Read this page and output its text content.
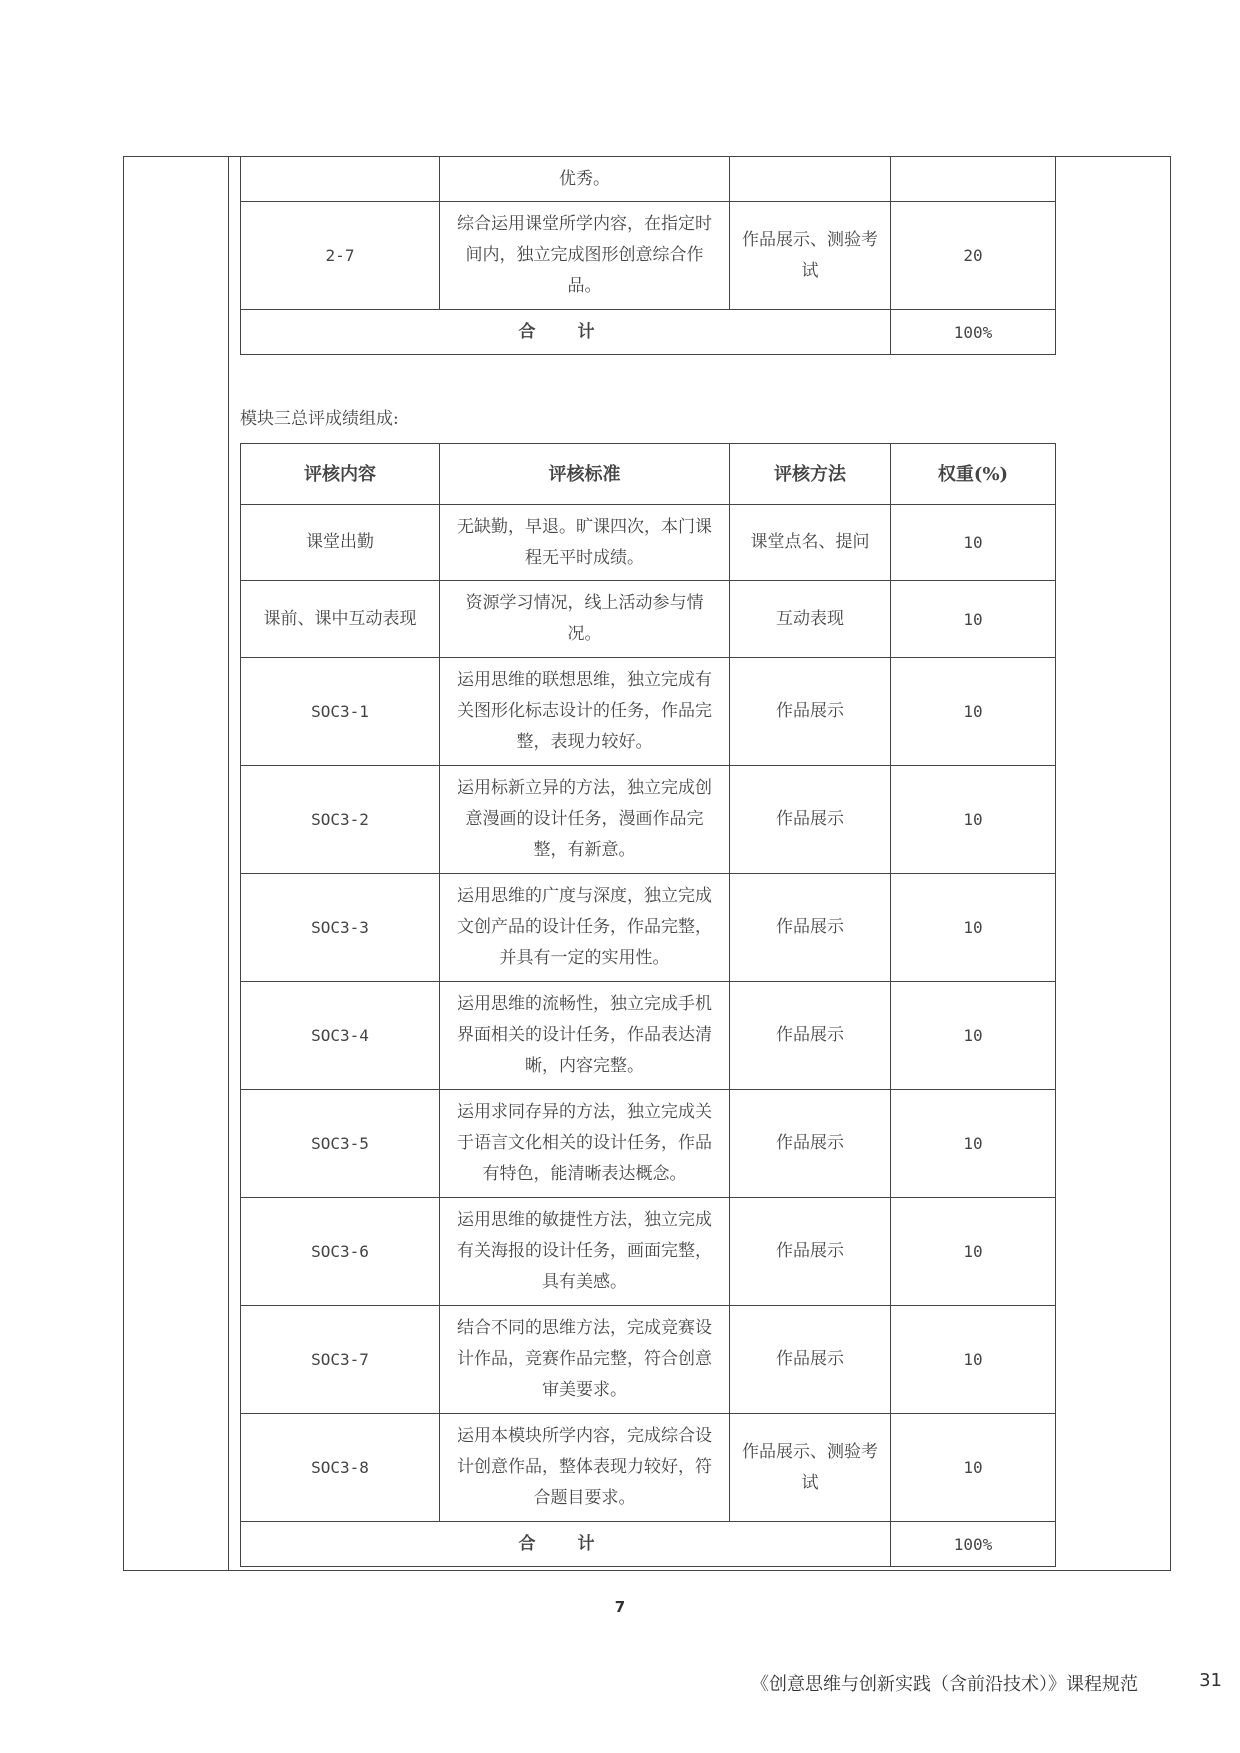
	优秀。		
2-7	综合运用课堂所学内容，在指定时间内，独立完成图形创意综合作品。	作品展示、测验考试	20
合 计			100%
模块三总评成绩组成:
评核内容	评核标准	评核方法	权重(%)
课堂出勤	无缺勤，早退。旷课四次，本门课程无平时成绩。	课堂点名、提问	10
课前、课中互动表现	资源学习情况，线上活动参与情况。	互动表现	10
SOC3-1	运用思维的联想思维，独立完成有关图形化标志设计的任务，作品完整，表现力较好。	作品展示	10
SOC3-2	运用标新立异的方法，独立完成创意漫画的设计任务，漫画作品完整，有新意。	作品展示	10
SOC3-3	运用思维的广度与深度，独立完成文创产品的设计任务，作品完整，并具有一定的实用性。	作品展示	10
SOC3-4	运用思维的流畅性，独立完成手机界面相关的设计任务，作品表达清晰，内容完整。	作品展示	10
SOC3-5	运用求同存异的方法，独立完成关于语言文化相关的设计任务，作品有特色，能清晰表达概念。	作品展示	10
SOC3-6	运用思维的敏捷性方法，独立完成有关海报的设计任务，画面完整，具有美感。	作品展示	10
SOC3-7	结合不同的思维方法，完成竞赛设计作品，竞赛作品完整，符合创意审美要求。	作品展示	10
SOC3-8	运用本模块所学内容，完成综合设计创意作品，整体表现力较好，符合题目要求。	作品展示、测验考试	10
合 计			100%
7
《创意思维与创新实践（含前沿技术）》课程规范	31
